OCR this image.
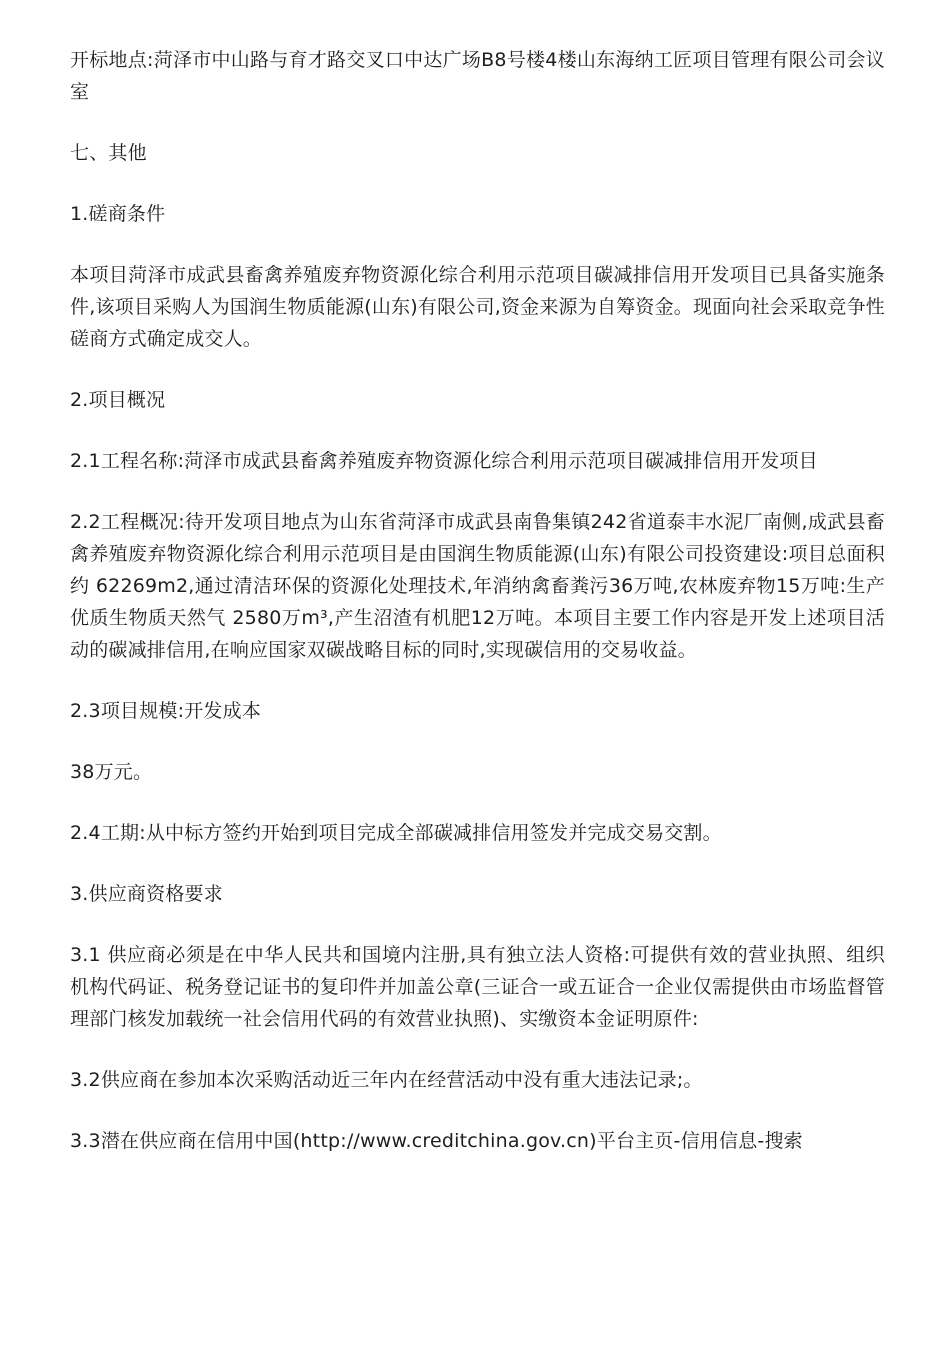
开标地点:菏泽市中山路与育才路交叉口中达广场B8号楼4楼山东海纳工匠项目管理有限公司会议室

七、其他

1.磋商条件

本项目菏泽市成武县畜禽养殖废弃物资源化综合利用示范项目碳减排信用开发项目已具备实施条件,该项目采购人为国润生物质能源(山东)有限公司,资金来源为自筹资金。现面向社会采取竞争性磋商方式确定成交人。

2.项目概况

2.1工程名称:菏泽市成武县畜禽养殖废弃物资源化综合利用示范项目碳减排信用开发项目

2.2工程概况:待开发项目地点为山东省菏泽市成武县南鲁集镇242省道泰丰水泥厂南侧,成武县畜禽养殖废弃物资源化综合利用示范项目是由国润生物质能源(山东)有限公司投资建设:项目总面积约 62269m2,通过清洁环保的资源化处理技术,年消纳禽畜粪污36万吨,农林废弃物15万吨:生产优质生物质天然气 2580万m³,产生沼渣有机肥12万吨。本项目主要工作内容是开发上述项目活动的碳减排信用,在响应国家双碳战略目标的同时,实现碳信用的交易收益。

2.3项目规模:开发成本

38万元。

2.4工期:从中标方签约开始到项目完成全部碳减排信用签发并完成交易交割。

3.供应商资格要求

3.1 供应商必须是在中华人民共和国境内注册,具有独立法人资格:可提供有效的营业执照、组织机构代码证、税务登记证书的复印件并加盖公章(三证合一或五证合一企业仅需提供由市场监督管理部门核发加载统一社会信用代码的有效营业执照)、实缴资本金证明原件:

3.2供应商在参加本次采购活动近三年内在经营活动中没有重大违法记录;。

3.3潜在供应商在信用中国(http://www.creditchina.gov.cn)平台主页-信用信息-搜索
